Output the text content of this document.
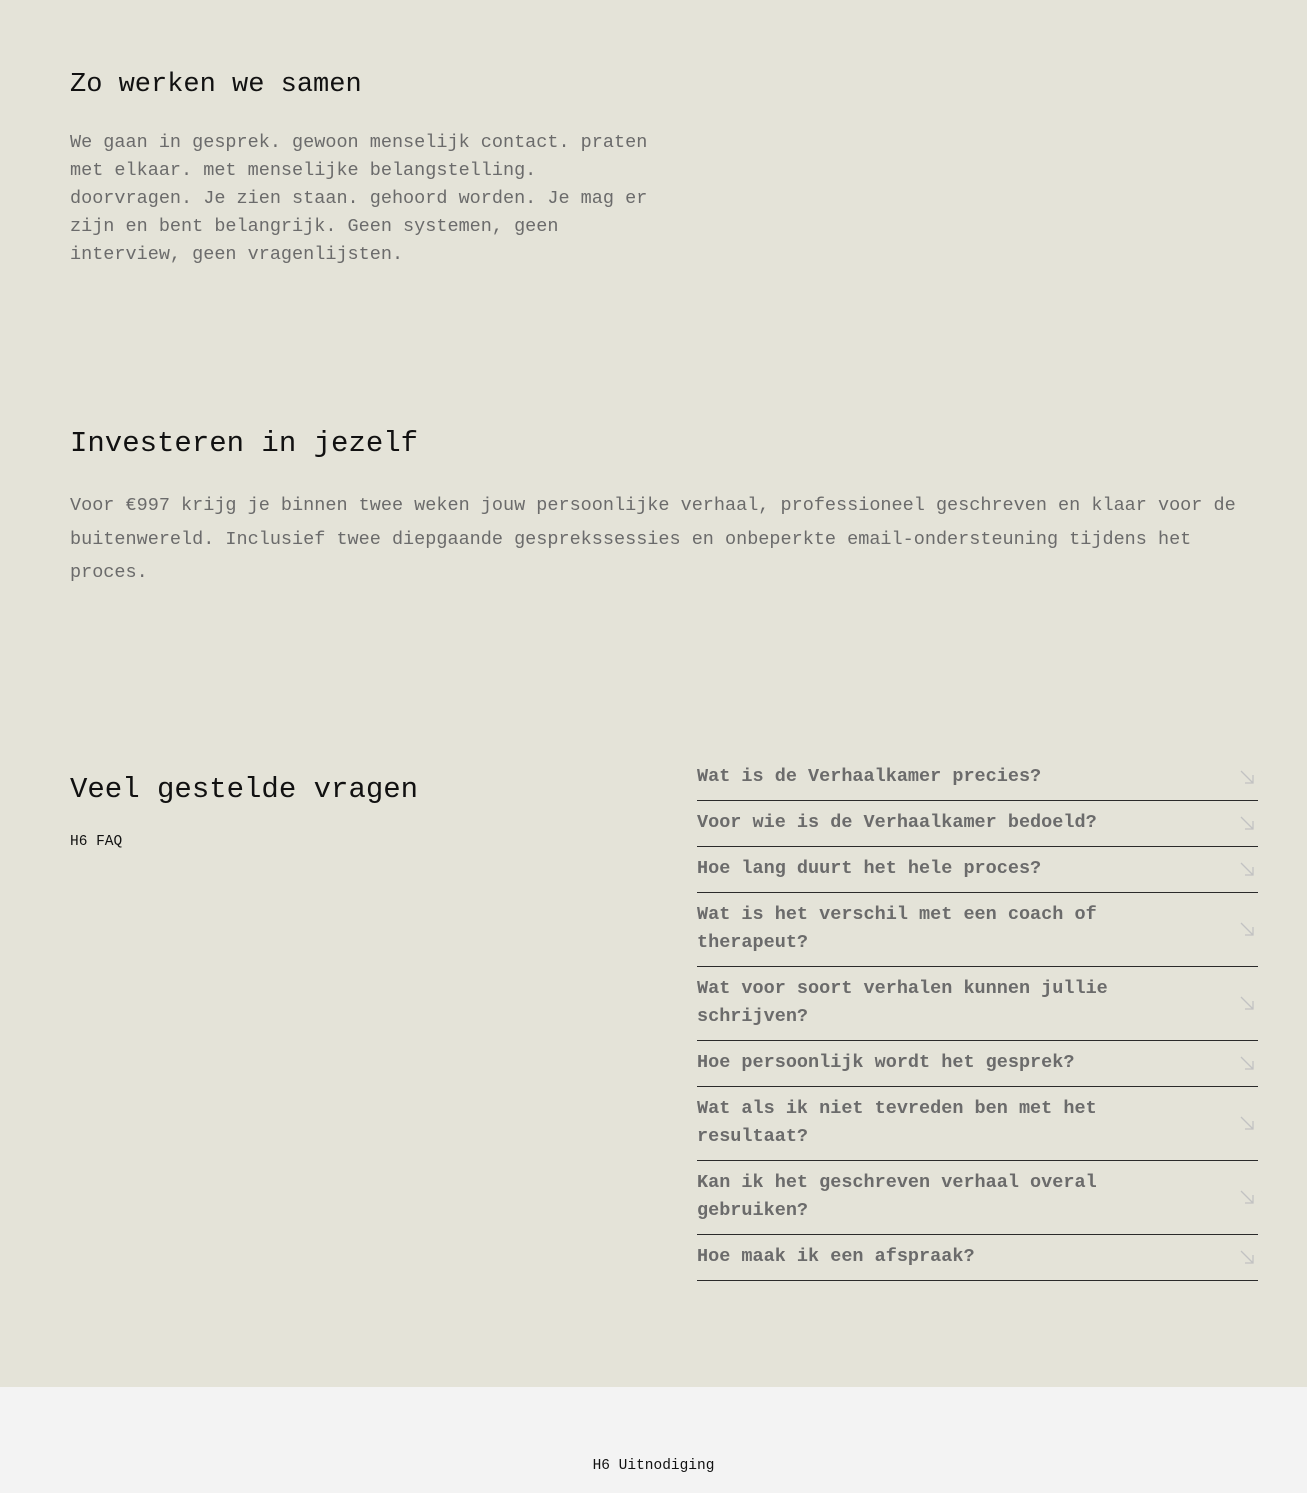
Zo werken we samen

We gaan in gesprek. gewoon menselijk contact. praten met elkaar. met menselijke belangstelling. doorvragen. Je zien staan. gehoord worden. Je mag er zijn en bent belangrijk. Geen systemen, geen interview, geen vragenlijsten.

Investeren in jezelf

Voor €997 krijg je binnen twee weken jouw persoonlijke verhaal, professioneel geschreven en klaar voor de buitenwereld. Inclusief twee diepgaande gesprekssessies en onbeperkte email-ondersteuning tijdens het proces.

Veel gestelde vragen
H6 FAQ
Wat is de Verhaalkamer precies?
Voor wie is de Verhaalkamer bedoeld?
Hoe lang duurt het hele proces?
Wat is het verschil met een coach of therapeut?
Wat voor soort verhalen kunnen jullie schrijven?
Hoe persoonlijk wordt het gesprek?
Wat als ik niet tevreden ben met het resultaat?
Kan ik het geschreven verhaal overal gebruiken?
Hoe maak ik een afspraak?
H6 Uitnodiging
